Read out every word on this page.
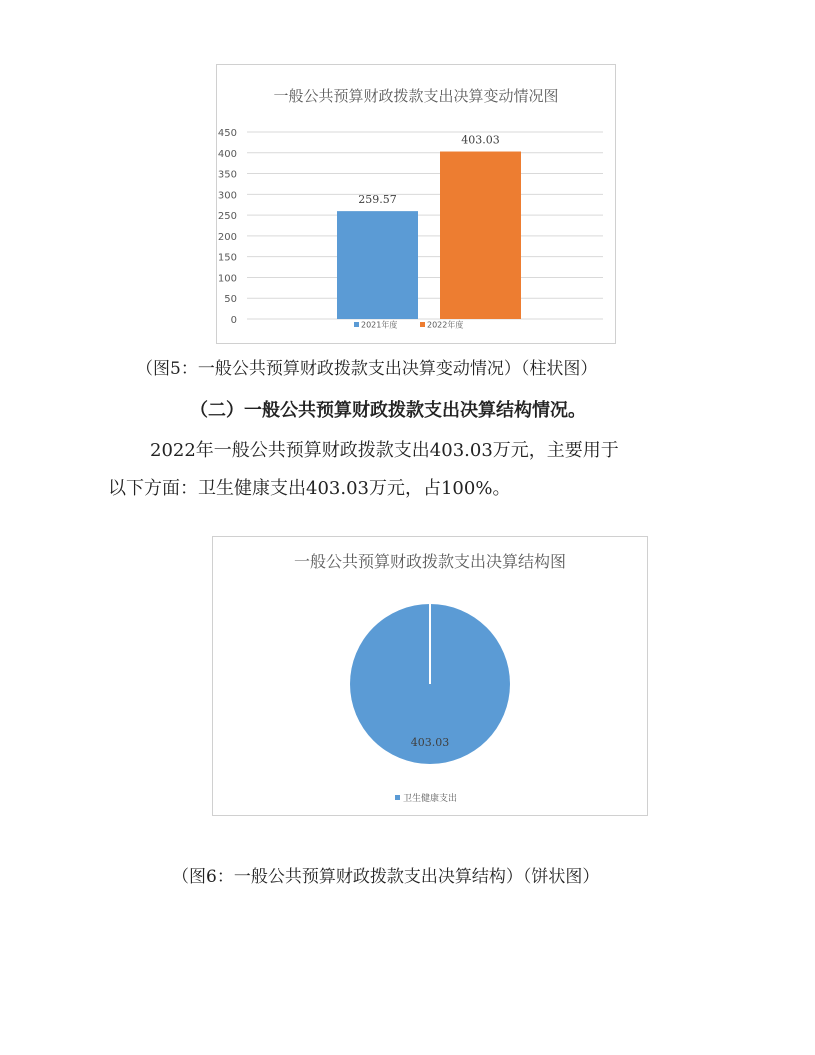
一般公共预算财政拨款支出决算变动情况图
0
50
100
150
200
250
300
350
400
450
259.57
403.03
2021年度	2022年度
（图5：一般公共预算财政拨款支出决算变动情况）（柱状图）
（二）一般公共预算财政拨款支出决算结构情况。
2022年一般公共预算财政拨款支出403.03万元，主要用于
以下方面：卫生健康支出403.03万元，占100%。
一般公共预算财政拨款支出决算结构图
403.03
卫生健康支出
（图6：一般公共预算财政拨款支出决算结构）（饼状图）
